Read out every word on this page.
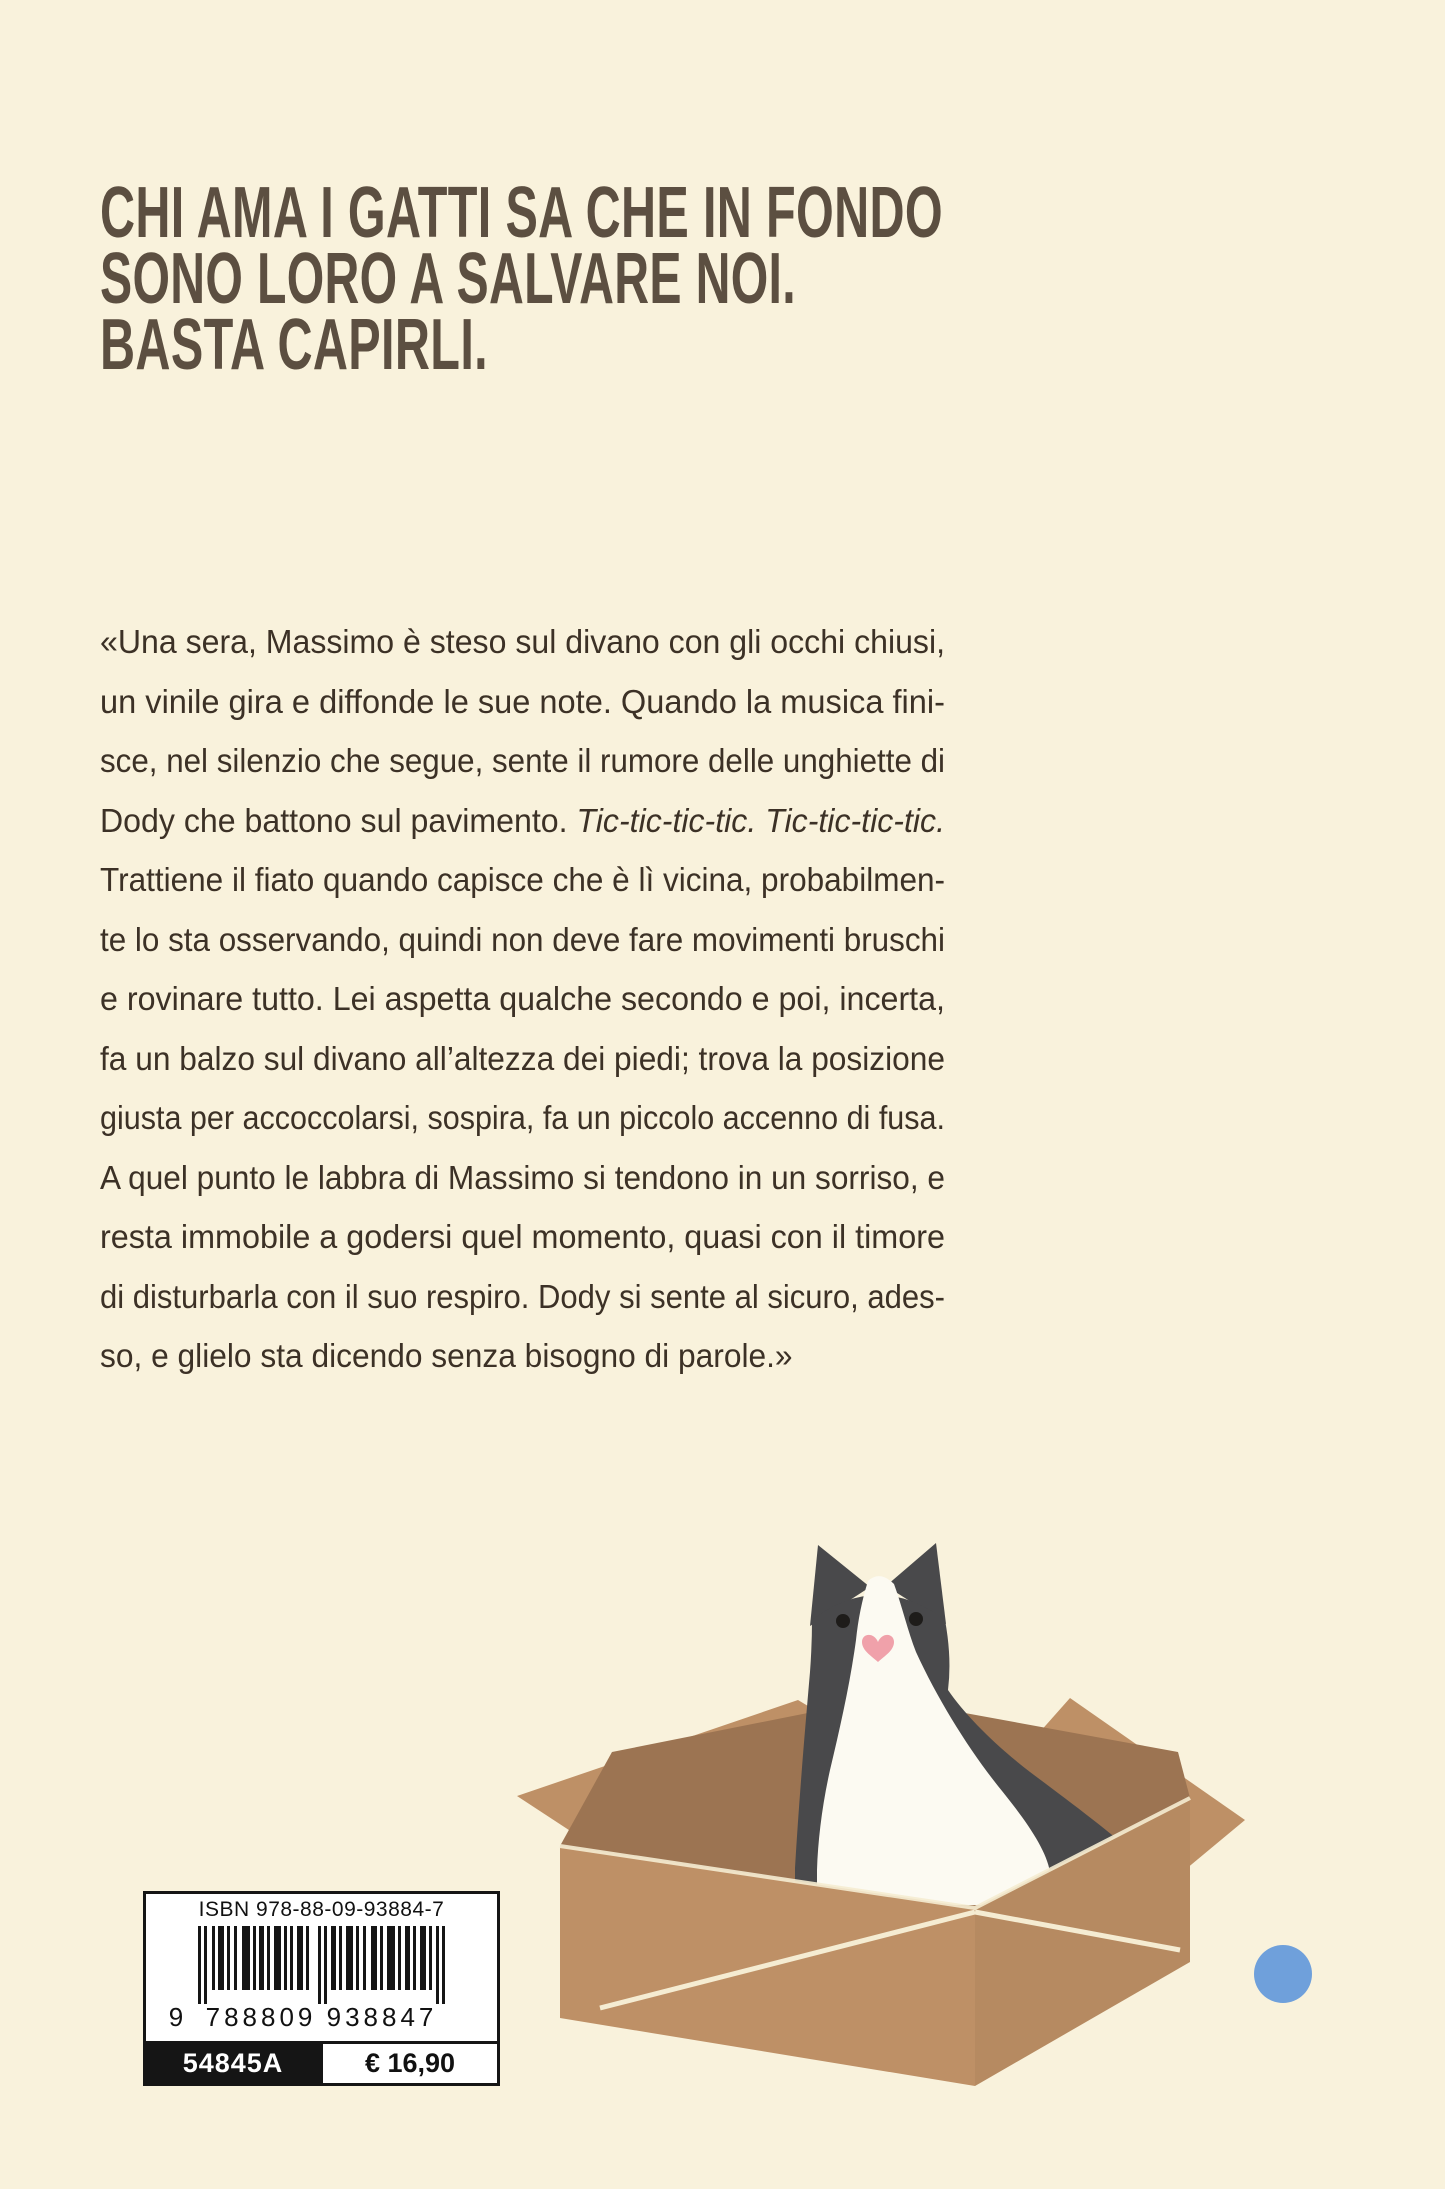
CHI AMA I GATTI SA CHE IN FONDO
SONO LORO A SALVARE NOI.
BASTA CAPIRLI.
«Una sera, Massimo è steso sul divano con gli occhi chiusi,
un vinile gira e diffonde le sue note. Quando la musica fini-
sce, nel silenzio che segue, sente il rumore delle unghiette di
Dody che battono sul pavimento. Tic-tic-tic-tic. Tic-tic-tic-tic.
Trattiene il fiato quando capisce che è lì vicina, probabilmen-
te lo sta osservando, quindi non deve fare movimenti bruschi
e rovinare tutto. Lei aspetta qualche secondo e poi, incerta,
fa un balzo sul divano all’altezza dei piedi; trova la posizione
giusta per accoccolarsi, sospira, fa un piccolo accenno di fusa.
A quel punto le labbra di Massimo si tendono in un sorriso, e
resta immobile a godersi quel momento, quasi con il timore
di disturbarla con il suo respiro. Dody si sente al sicuro, ades-
so, e glielo sta dicendo senza bisogno di parole.»
ISBN 978-88-09-93884-7
9 788809 938847
54845A	€ 16,90
